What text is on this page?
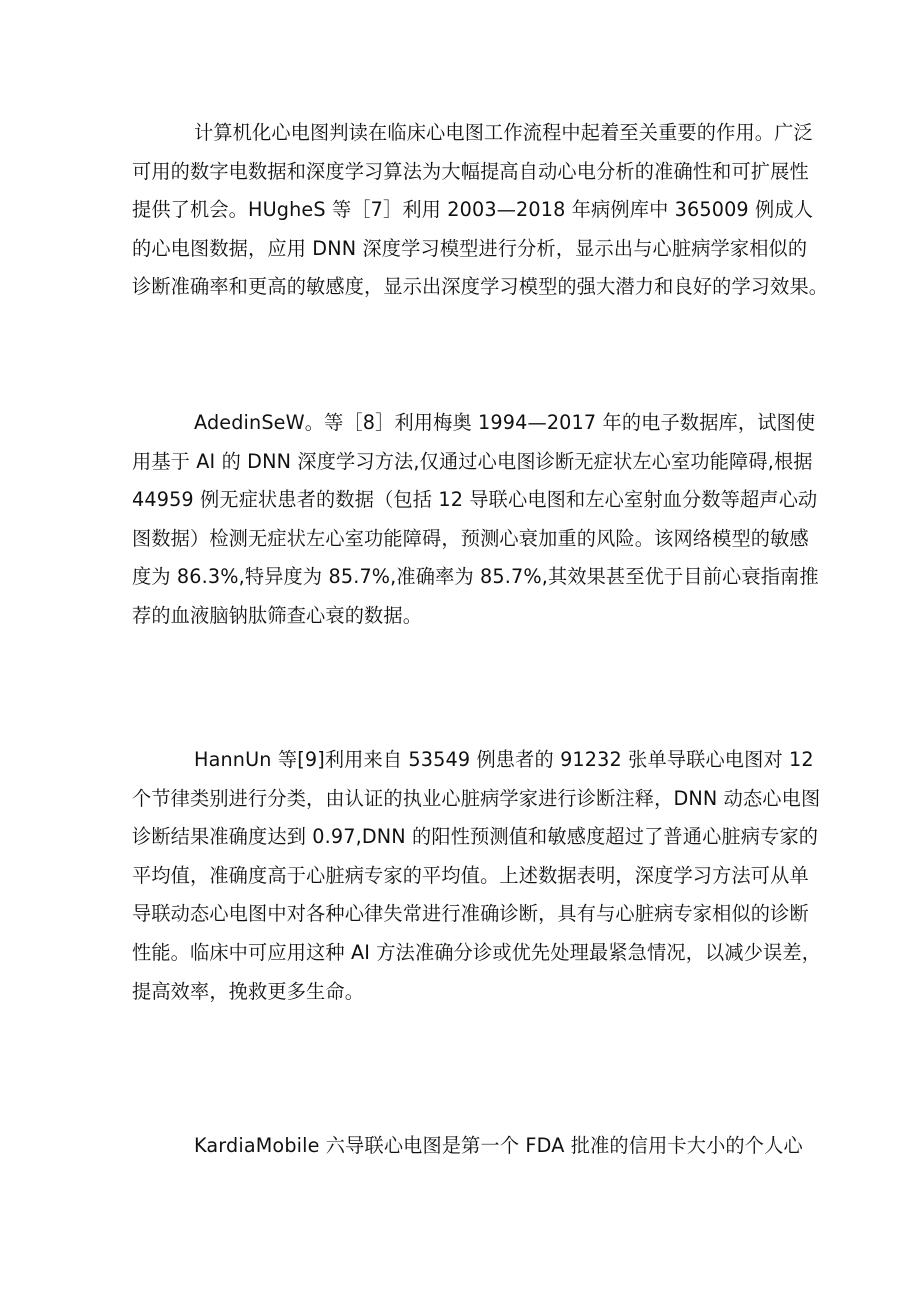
计算机化心电图判读在临床心电图工作流程中起着至关重要的作用。广泛
可用的数字电数据和深度学习算法为大幅提高自动心电分析的准确性和可扩展性
提供了机会。HUgheS 等［7］利用 2003—2018 年病例库中 365009 例成人
的心电图数据，应用 DNN 深度学习模型进行分析，显示出与心脏病学家相似的
诊断准确率和更高的敏感度，显示出深度学习模型的强大潜力和良好的学习效果。

AdedinSeW。等［8］利用梅奥 1994—2017 年的电子数据库，试图使
用基于 AI 的 DNN 深度学习方法,仅通过心电图诊断无症状左心室功能障碍,根据
44959 例无症状患者的数据（包括 12 导联心电图和左心室射血分数等超声心动
图数据）检测无症状左心室功能障碍，预测心衰加重的风险。该网络模型的敏感
度为 86.3%,特异度为 85.7%,准确率为 85.7%,其效果甚至优于目前心衰指南推
荐的血液脑钠肽筛查心衰的数据。

HannUn 等[9]利用来自 53549 例患者的 91232 张单导联心电图对 12
个节律类别进行分类，由认证的执业心脏病学家进行诊断注释，DNN 动态心电图
诊断结果准确度达到 0.97,DNN 的阳性预测值和敏感度超过了普通心脏病专家的
平均值，准确度高于心脏病专家的平均值。上述数据表明，深度学习方法可从单
导联动态心电图中对各种心律失常进行准确诊断，具有与心脏病专家相似的诊断
性能。临床中可应用这种 AI 方法准确分诊或优先处理最紧急情况，以减少误差，
提高效率，挽救更多生命。

KardiaMobile 六导联心电图是第一个 FDA 批准的信用卡大小的个人心
